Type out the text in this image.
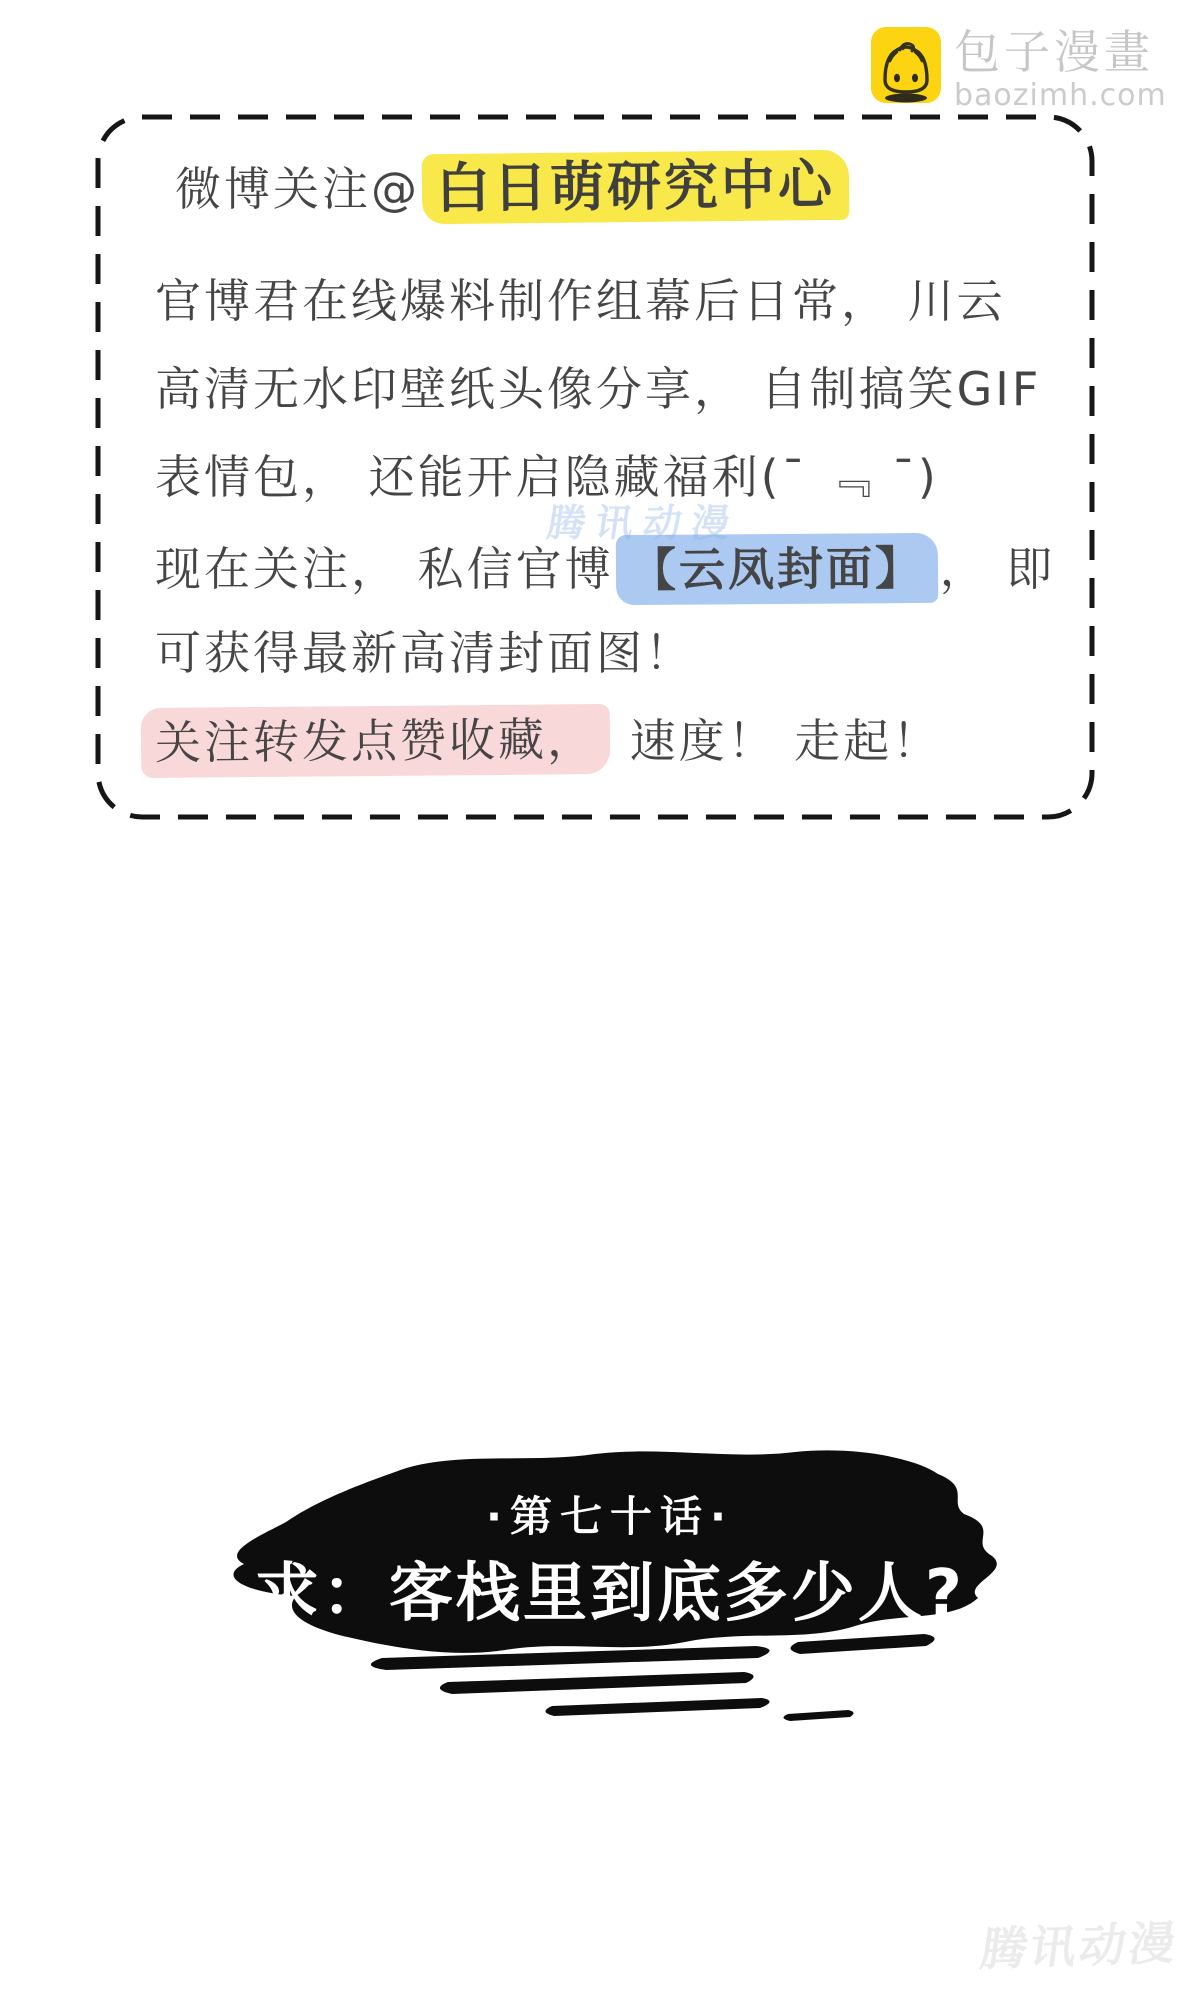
包子漫畫
baozimh.com
微博关注@ 白日萌研究中心
官博君在线爆料制作组幕后日常， 川云
高清无水印壁纸头像分享， 自制搞笑GIF
表情包， 还能开启隐藏福利(ˉ ﹃ ˉ)
现在关注， 私信官博 【云凤封面】 ， 即
可获得最新高清封面图！
关注转发点赞收藏， 速度！ 走起！
腾讯动漫
·第七十话·
求：客栈里到底多少人?
腾讯动漫
